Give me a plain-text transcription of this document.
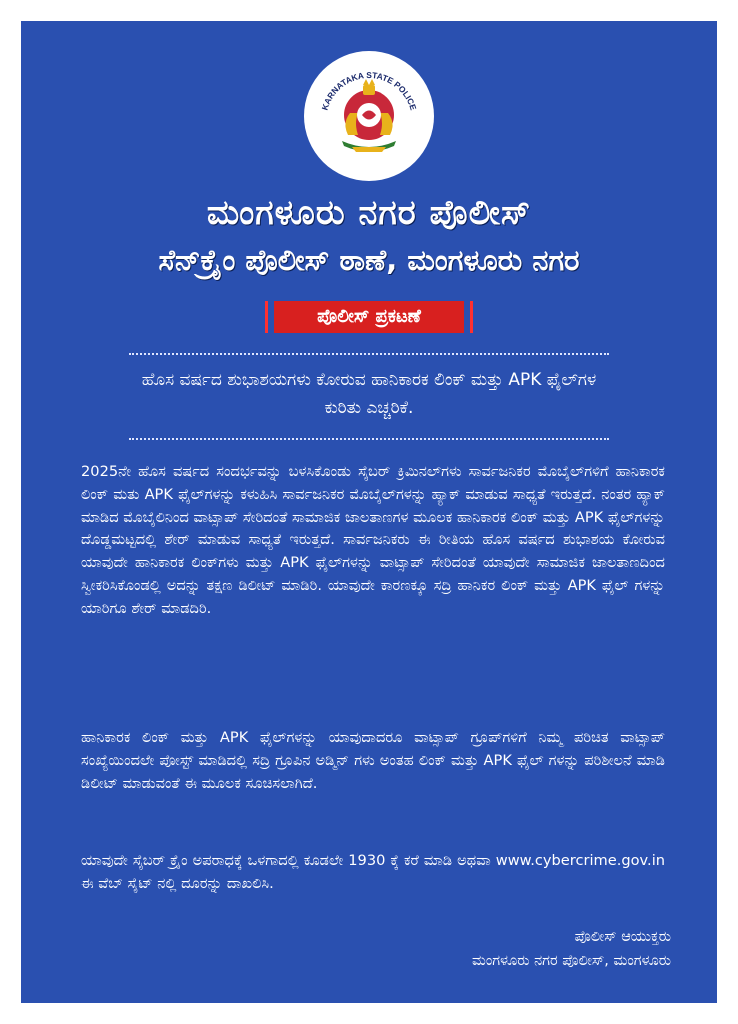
KARNATAKA STATE POLICE
ಮಂಗಳೂರು ನಗರ ಪೊಲೀಸ್
ಸೆನ್‌ಕ್ರೈಂ ಪೊಲೀಸ್ ಠಾಣೆ, ಮಂಗಳೂರು ನಗರ
ಪೊಲೀಸ್ ಪ್ರಕಟಣೆ
ಹೊಸ ವರ್ಷದ ಶುಭಾಶಯಗಳು ಕೋರುವ ಹಾನಿಕಾರಕ ಲಿಂಕ್ ಮತ್ತು APK ಫೈಲ್‌ಗಳ ಕುರಿತು ಎಚ್ಚರಿಕೆ.
2025ನೇ ಹೊಸ ವರ್ಷದ ಸಂದರ್ಭವನ್ನು ಬಳಸಿಕೊಂಡು ಸೈಬರ್ ಕ್ರಿಮಿನಲ್‌ಗಳು ಸಾರ್ವಜನಿಕರ ಮೊಬೈಲ್‌ಗಳಿಗೆ ಹಾನಿಕಾರಕ ಲಿಂಕ್ ಮತು APK ಫೈಲ್‌ಗಳನ್ನು ಕಳುಹಿಸಿ ಸಾರ್ವಜನಿಕರ ಮೊಬೈಲ್‌ಗಳನ್ನು ಹ್ಯಾಕ್ ಮಾಡುವ ಸಾಧ್ಯತೆ ಇರುತ್ತದೆ. ನಂತರ ಹ್ಯಾಕ್ ಮಾಡಿದ ಮೊಬೈಲಿನಿಂದ ವಾಟ್ಸಾಪ್ ಸೇರಿದಂತೆ ಸಾಮಾಜಿಕ ಜಾಲತಾಣಗಳ ಮೂಲಕ ಹಾನಿಕಾರಕ ಲಿಂಕ್ ಮತ್ತು APK ಫೈಲ್‌ಗಳನ್ನು ದೊಡ್ಡಮಟ್ಟದಲ್ಲಿ ಶೇರ್ ಮಾಡುವ ಸಾಧ್ಯತೆ ಇರುತ್ತದೆ. ಸಾರ್ವಜನಿಕರು ಈ ರೀತಿಯ ಹೊಸ ವರ್ಷದ ಶುಭಾಶಯ ಕೋರುವ ಯಾವುದೇ ಹಾನಿಕಾರಕ ಲಿಂಕ್‌ಗಳು ಮತ್ತು APK ಫೈಲ್‌ಗಳನ್ನು ವಾಟ್ಸಾಪ್ ಸೇರಿದಂತೆ ಯಾವುದೇ ಸಾಮಾಜಿಕ ಜಾಲತಾಣದಿಂದ ಸ್ವೀಕರಿಸಿಕೊಂಡಲ್ಲಿ ಅದನ್ನು ತಕ್ಷಣ ಡಿಲೀಟ್ ಮಾಡಿರಿ. ಯಾವುದೇ ಕಾರಣಕ್ಕೂ ಸದ್ರಿ ಹಾನಿಕರ ಲಿಂಕ್ ಮತ್ತು APK ಫೈಲ್ ಗಳನ್ನು ಯಾರಿಗೂ ಶೇರ್ ಮಾಡದಿರಿ.
ಹಾನಿಕಾರಕ ಲಿಂಕ್ ಮತ್ತು APK ಫೈಲ್‌ಗಳನ್ನು ಯಾವುದಾದರೂ ವಾಟ್ಸಾಪ್ ಗ್ರೂಪ್‌ಗಳಿಗೆ ನಿಮ್ಮ ಪರಿಚಿತ ವಾಟ್ಸಾಪ್ ಸಂಖ್ಯೆಯಿಂದಲೇ ಪೋಸ್ಟ್ ಮಾಡಿದಲ್ಲಿ ಸದ್ರಿ ಗ್ರೂಪಿನ ಅಡ್ಮಿನ್ ಗಳು ಅಂತಹ ಲಿಂಕ್ ಮತ್ತು APK ಫೈಲ್ ಗಳನ್ನು ಪರಿಶೀಲನೆ ಮಾಡಿ ಡಿಲೀಟ್ ಮಾಡುವಂತೆ ಈ ಮೂಲಕ ಸೂಚಿಸಲಾಗಿದೆ.
ಯಾವುದೇ ಸೈಬರ್ ಕ್ರೈಂ ಅಪರಾಧಕ್ಕೆ ಒಳಗಾದಲ್ಲಿ ಕೂಡಲೇ 1930 ಕ್ಕೆ ಕರೆ ಮಾಡಿ ಅಥವಾ www.cybercrime.gov.in ಈ ವೆಬ್ ಸೈಟ್ ನಲ್ಲಿ ದೂರನ್ನು ದಾಖಲಿಸಿ.
ಪೊಲೀಸ್ ಆಯುಕ್ತರು
ಮಂಗಳೂರು ನಗರ ಪೊಲೀಸ್, ಮಂಗಳೂರು
